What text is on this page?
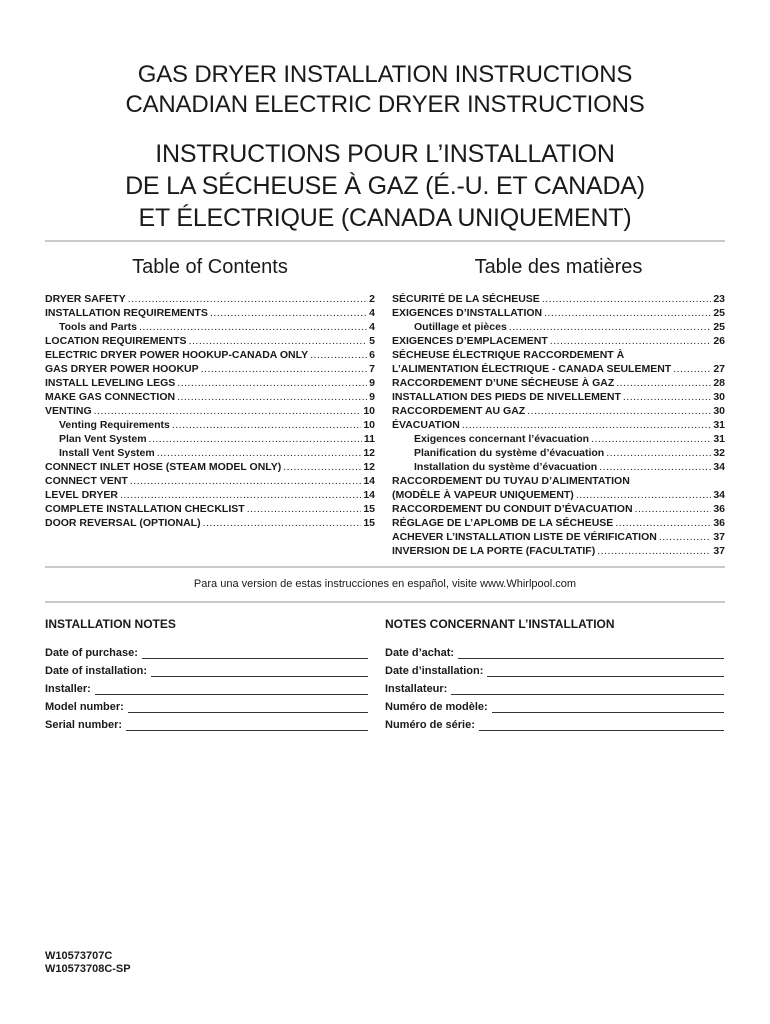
GAS DRYER INSTALLATION INSTRUCTIONS
CANADIAN ELECTRIC DRYER INSTRUCTIONS
INSTRUCTIONS POUR L’INSTALLATION
DE LA SÉCHEUSE À GAZ (É.-U. ET CANADA)
ET ÉLECTRIQUE (CANADA UNIQUEMENT)
Table of Contents	Table des matières
DRYER SAFETY .....	2
INSTALLATION REQUIREMENTS .....	4
Tools and Parts .....	4
LOCATION REQUIREMENTS .....	5
ELECTRIC DRYER POWER HOOKUP-CANADA ONLY .....	6
GAS DRYER POWER HOOKUP .....	7
INSTALL LEVELING LEGS .....	9
MAKE GAS CONNECTION .....	9
VENTING .....	10
Venting Requirements .....	10
Plan Vent System .....	11
Install Vent System .....	12
CONNECT INLET HOSE (STEAM MODEL ONLY) .....	12
CONNECT VENT .....	14
LEVEL DRYER .....	14
COMPLETE INSTALLATION CHECKLIST .....	15
DOOR REVERSAL (OPTIONAL) .....	15
SÉCURITÉ DE LA SÉCHEUSE .....	23
EXIGENCES D’INSTALLATION .....	25
Outillage et pièces .....	25
EXIGENCES D’EMPLACEMENT .....	26
SÉCHEUSE ÉLECTRIQUE RACCORDEMENT À
L’ALIMENTATION ÉLECTRIQUE - CANADA SEULEMENT .....	27
RACCORDEMENT D’UNE SÉCHEUSE À GAZ .....	28
INSTALLATION DES PIEDS DE NIVELLEMENT .....	30
RACCORDEMENT AU GAZ .....	30
ÉVACUATION .....	31
Exigences concernant l’évacuation .....	31
Planification du système d’évacuation .....	32
Installation du système d’évacuation .....	34
RACCORDEMENT DU TUYAU D’ALIMENTATION
(MODÈLE À VAPEUR UNIQUEMENT) .....	34
RACCORDEMENT DU CONDUIT D’ÉVACUATION .....	36
RÉGLAGE DE L’APLOMB DE LA SÉCHEUSE .....	36
ACHEVER L’INSTALLATION LISTE DE VÉRIFICATION .....	37
INVERSION DE LA PORTE (FACULTATIF) .....	37
Para una version de estas instrucciones en español, visite www.Whirlpool.com
INSTALLATION NOTES	NOTES CONCERNANT L’INSTALLATION
Date of purchase:
Date of installation:
Installer:
Model number:
Serial number:
Date d’achat:
Date d’installation:
Installateur:
Numéro de modèle:
Numéro de série:
W10573707C
W10573708C-SP
